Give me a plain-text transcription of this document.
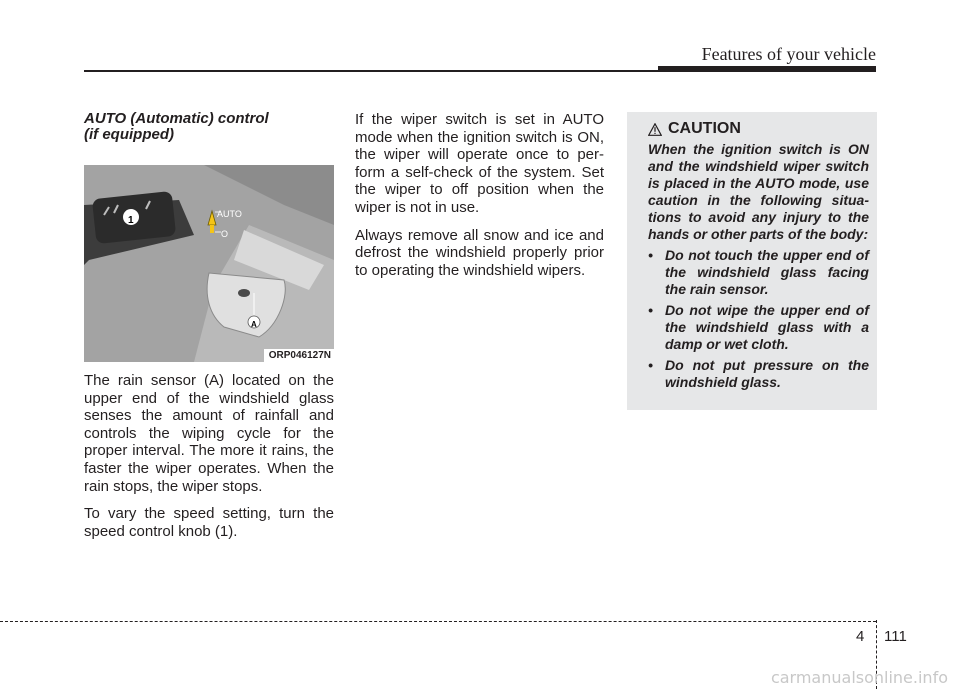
Features of your vehicle
AUTO (Automatic) control
(if equipped)
1
AUTO
O
A
ORP046127N

The rain sensor (A) located on the upper end of the windshield glass senses the amount of rainfall and controls the wiping cycle for the proper interval. The more it rains, the faster the wiper operates. When the rain stops, the wiper stops.

To vary the speed setting, turn the speed control knob (1).

If the wiper switch is set in AUTO mode when the ignition switch is ON, the wiper will operate once to per-form a self-check of the system. Set the wiper to off position when the wiper is not in use.

Always remove all snow and ice and defrost the windshield properly prior to operating the windshield wipers.

CAUTION

When the ignition switch is ON and the windshield wiper switch is placed in the AUTO mode, use caution in the following situa-tions to avoid any injury to the hands or other parts of the body:

• Do not touch the upper end of the windshield glass facing the rain sensor.
• Do not wipe the upper end of the windshield glass with a damp or wet cloth.
• Do not put pressure on the windshield glass.
4 111
carmanualsonline.info
